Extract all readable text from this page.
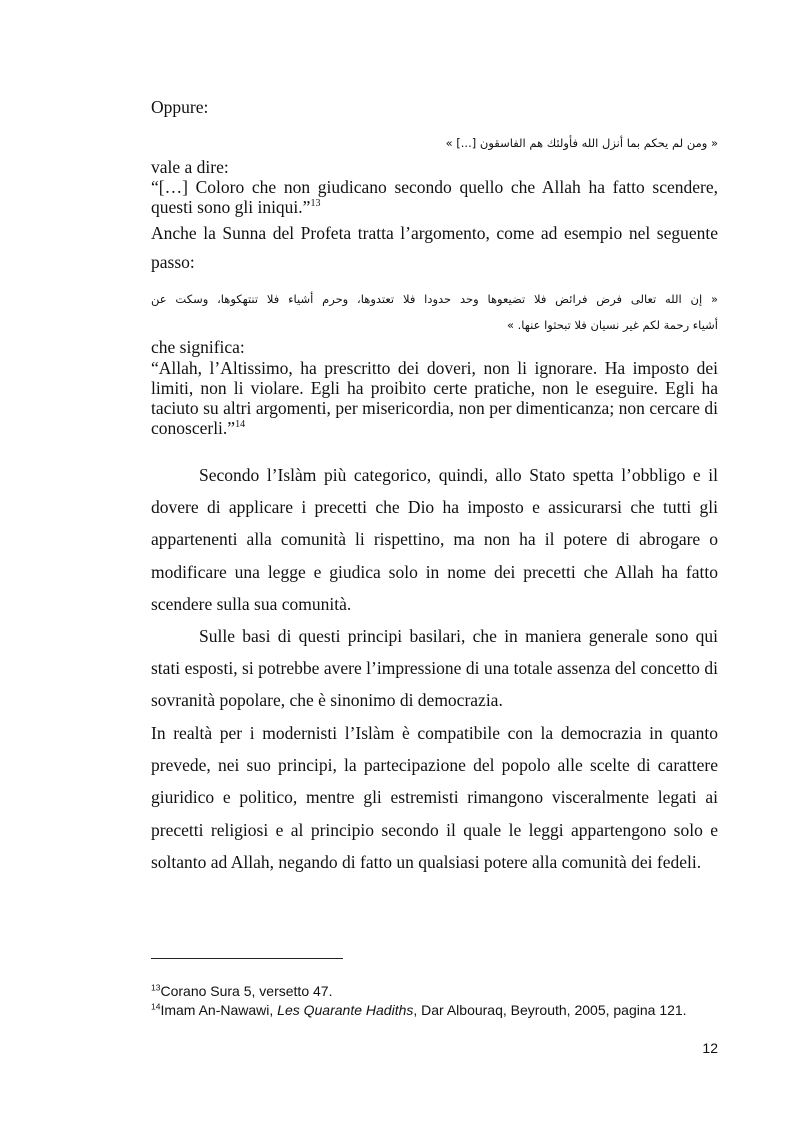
Oppure:

« ومن لم يحكم بما أنزل الله فأولئك هم الفاسقون [...] »

vale a dire:

“[…] Coloro che non giudicano secondo quello che Allah ha fatto scendere, questi sono gli iniqui.”$^{13}$

Anche la Sunna del Profeta tratta l’argomento, come ad esempio nel seguente passo:

« إن الله تعالى فرض فرائض فلا تضيعوها وحد حدودا فلا تعتدوها، وحرم أشياء فلا تنتهكوها، وسكت عن
أشياء رحمة لكم غير نسيان فلا تبحثوا عنها. »

che significa:

“Allah, l’Altissimo, ha prescritto dei doveri, non li ignorare. Ha imposto dei limiti, non li violare. Egli ha proibito certe pratiche, non le eseguire. Egli ha taciuto su altri argomenti, per misericordia, non per dimenticanza; non cercare di conoscerli.”$^{14}$

Secondo l’Islàm più categorico, quindi, allo Stato spetta l’obbligo e il dovere di applicare i precetti che Dio ha imposto e assicurarsi che tutti gli appartenenti alla comunità li rispettino, ma non ha il potere di abrogare o modificare una legge e giudica solo in nome dei precetti che Allah ha fatto scendere sulla sua comunità.

Sulle basi di questi principi basilari, che in maniera generale sono qui stati esposti, si potrebbe avere l’impressione di una totale assenza del concetto di sovranità popolare, che è sinonimo di democrazia.

In realtà per i modernisti l’Islàm è compatibile con la democrazia in quanto prevede, nei suo principi, la partecipazione del popolo alle scelte di carattere giuridico e politico, mentre gli estremisti rimangono visceralmente legati ai precetti religiosi e al principio secondo il quale le leggi appartengono solo e soltanto ad Allah, negando di fatto un qualsiasi potere alla comunità dei fedeli.

$^{13}$Corano Sura 5, versetto 47.
$^{14}$Imam An-Nawawi, Les Quarante Hadiths, Dar Albouraq, Beyrouth, 2005, pagina 121.
12
